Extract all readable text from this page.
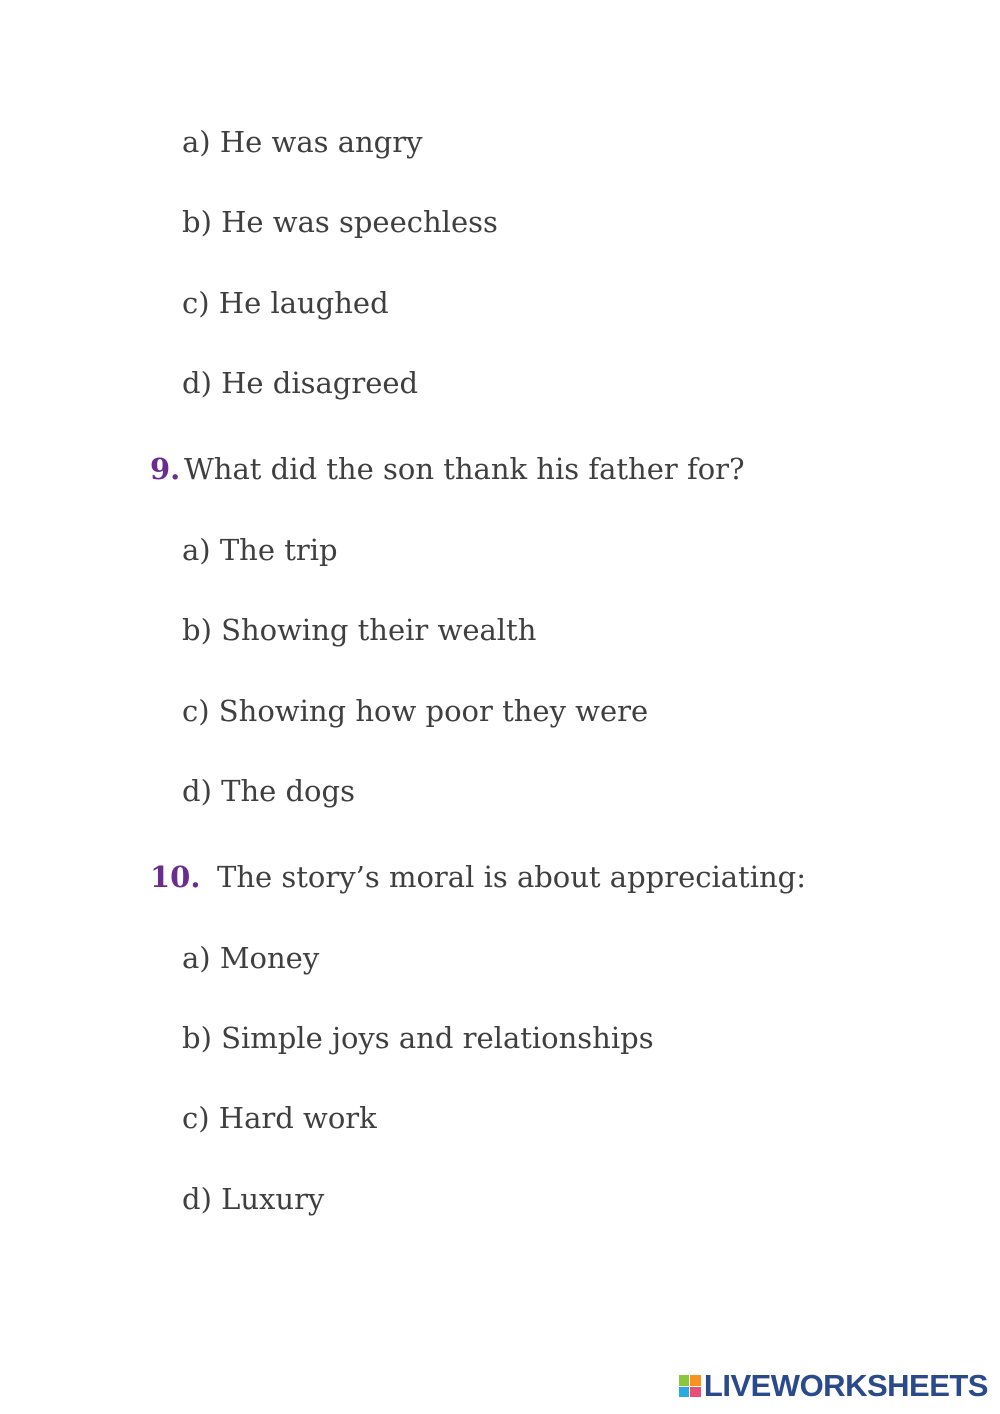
a) He was angry
b) He was speechless
c) He laughed
d) He disagreed
9. What did the son thank his father for?
a) The trip
b) Showing their wealth
c) Showing how poor they were
d) The dogs
10. The story’s moral is about appreciating:
a) Money
b) Simple joys and relationships
c) Hard work
d) Luxury
LIVEWORKSHEETS
